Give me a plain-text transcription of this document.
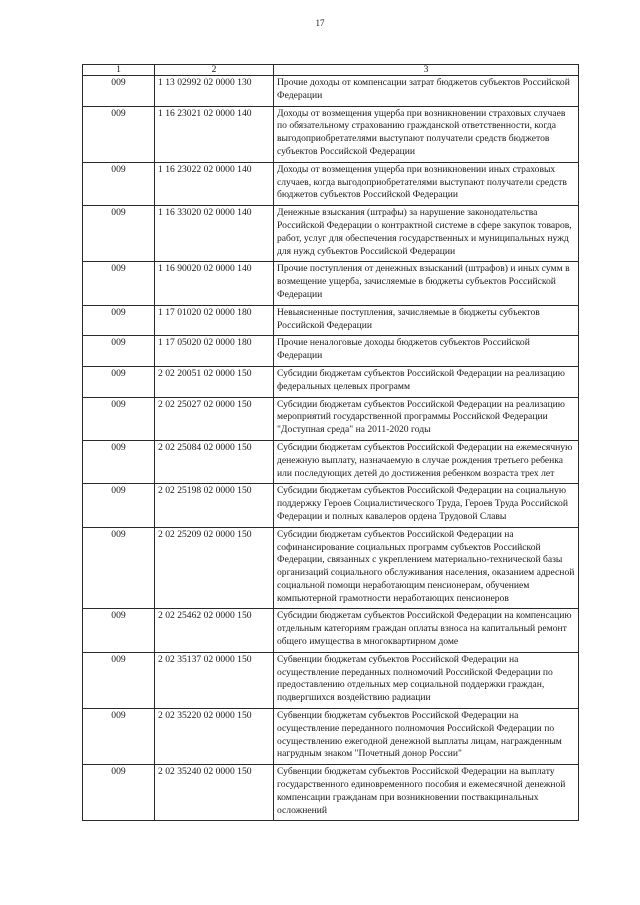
17
1	2	3
009	1 13 02992 02 0000 130	Прочие доходы от компенсации затрат бюджетов субъектов Российской Федерации
009	1 16 23021 02 0000 140	Доходы от возмещения ущерба при возникновении страховых случаев по обязательному страхованию гражданской ответственности, когда выгодоприобретателями выступают получатели средств бюджетов субъектов Российской Федерации
009	1 16 23022 02 0000 140	Доходы от возмещения ущерба при возникновении иных страховых случаев, когда выгодоприобретателями выступают получатели средств бюджетов субъектов Российской Федерации
009	1 16 33020 02 0000 140	Денежные взыскания (штрафы) за нарушение законодательства Российской Федерации о контрактной системе в сфере закупок товаров, работ, услуг для обеспечения государственных и муниципальных нужд для нужд субъектов Российской Федерации
009	1 16 90020 02 0000 140	Прочие поступления от денежных взысканий (штрафов) и иных сумм в возмещение ущерба, зачисляемые в бюджеты субъектов Российской Федерации
009	1 17 01020 02 0000 180	Невыясненные поступления, зачисляемые в бюджеты субъектов Российской Федерации
009	1 17 05020 02 0000 180	Прочие неналоговые доходы бюджетов субъектов Российской Федерации
009	2 02 20051 02 0000 150	Субсидии бюджетам субъектов Российской Федерации на реализацию федеральных целевых программ
009	2 02 25027 02 0000 150	Субсидии бюджетам субъектов Российской Федерации на реализацию мероприятий государственной программы Российской Федерации "Доступная среда" на 2011-2020 годы
009	2 02 25084 02 0000 150	Субсидии бюджетам субъектов Российской Федерации на ежемесячную денежную выплату, назначаемую в случае рождения третьего ребенка или последующих детей до достижения ребенком возраста трех лет
009	2 02 25198 02 0000 150	Субсидии бюджетам субъектов Российской Федерации на социальную поддержку Героев Социалистического Труда, Героев Труда Российской Федерации и полных кавалеров ордена Трудовой Славы
009	2 02 25209 02 0000 150	Субсидии бюджетам субъектов Российской Федерации на софинансирование социальных программ субъектов Российской Федерации, связанных с укреплением материально-технической базы организаций социального обслуживания населения, оказанием адресной социальной помощи неработающим пенсионерам, обучением компьютерной грамотности неработающих пенсионеров
009	2 02 25462 02 0000 150	Субсидии бюджетам субъектов Российской Федерации на компенсацию отдельным категориям граждан оплаты взноса на капитальный ремонт общего имущества в многоквартирном доме
009	2 02 35137 02 0000 150	Субвенции бюджетам субъектов Российской Федерации на осуществление переданных полномочий Российской Федерации по предоставлению отдельных мер социальной поддержки граждан, подвергшихся воздействию радиации
009	2 02 35220 02 0000 150	Субвенции бюджетам субъектов Российской Федерации на осуществление переданного полномочия Российской Федерации по осуществлению ежегодной денежной выплаты лицам, награжденным нагрудным знаком "Почетный донор России"
009	2 02 35240 02 0000 150	Субвенции бюджетам субъектов Российской Федерации на выплату государственного единовременного пособия и ежемесячной денежной компенсации гражданам при возникновении поствакцинальных осложнений
